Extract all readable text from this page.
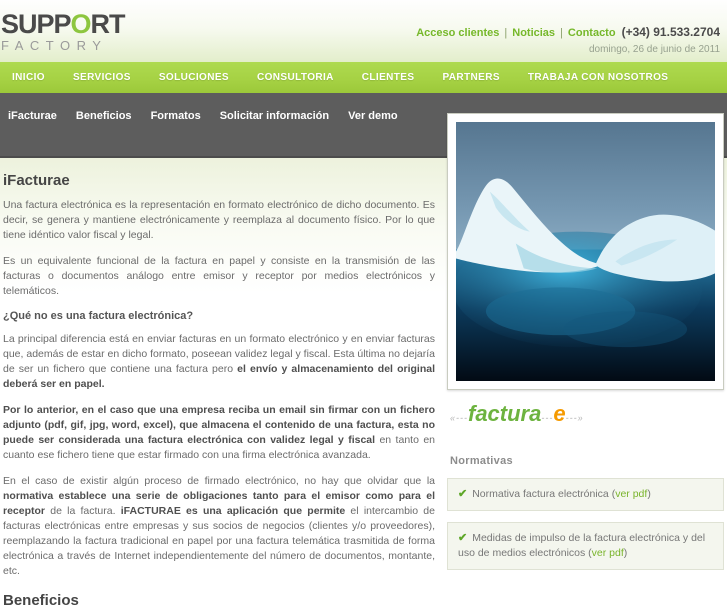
SUPPORT
FACTORY
Acceso clientes | Noticias | Contacto (+34) 91.533.2704
domingo, 26 de junio de 2011
INICIO	SERVICIOS	SOLUCIONES	CONSULTORIA	CLIENTES	PARTNERS	TRABAJA CON NOSOTROS
iFacturae Beneficios Formatos Solicitar información Ver demo
iFacturae

Una factura electrónica es la representación en formato electrónico de dicho documento. Es decir, se genera y mantiene electrónicamente y reemplaza al documento físico. Por lo que tiene idéntico valor fiscal y legal.

Es un equivalente funcional de la factura en papel y consiste en la transmisión de las facturas o documentos análogo entre emisor y receptor por medios electrónicos y telemáticos.

¿Qué no es una factura electrónica?

La principal diferencia está en enviar facturas en un formato electrónico y en enviar facturas que, además de estar en dicho formato, poseean validez legal y fiscal. Esta última no dejaría de ser un fichero que contiene una factura pero el envío y almacenamiento del original deberá ser en papel.

Por lo anterior, en el caso que una empresa reciba un email sin firmar con un fichero adjunto (pdf, gif, jpg, word, excel), que almacena el contenido de una factura, esta no puede ser considerada una factura electrónica con validez legal y fiscal en tanto en cuanto ese fichero tiene que estar firmado con una firma electrónica avanzada.

En el caso de existir algún proceso de firmado electrónico, no hay que olvidar que la normativa establece una serie de obligaciones tanto para el emisor como para el receptor de la factura. iFACTURAE es una aplicación que permite el intercambio de facturas electrónicas entre empresas y sus socios de negocios (clientes y/o proveedores), reemplazando la factura tradicional en papel por una factura telemática trasmitida de forma electrónica a través de Internet independientemente del número de documentos, montante, etc.

Beneficios
«---factura---e---»
Normativas
✔ Normativa factura electrónica (ver pdf)
✔ Medidas de impulso de la factura electrónica y del uso de medios electrónicos (ver pdf)
